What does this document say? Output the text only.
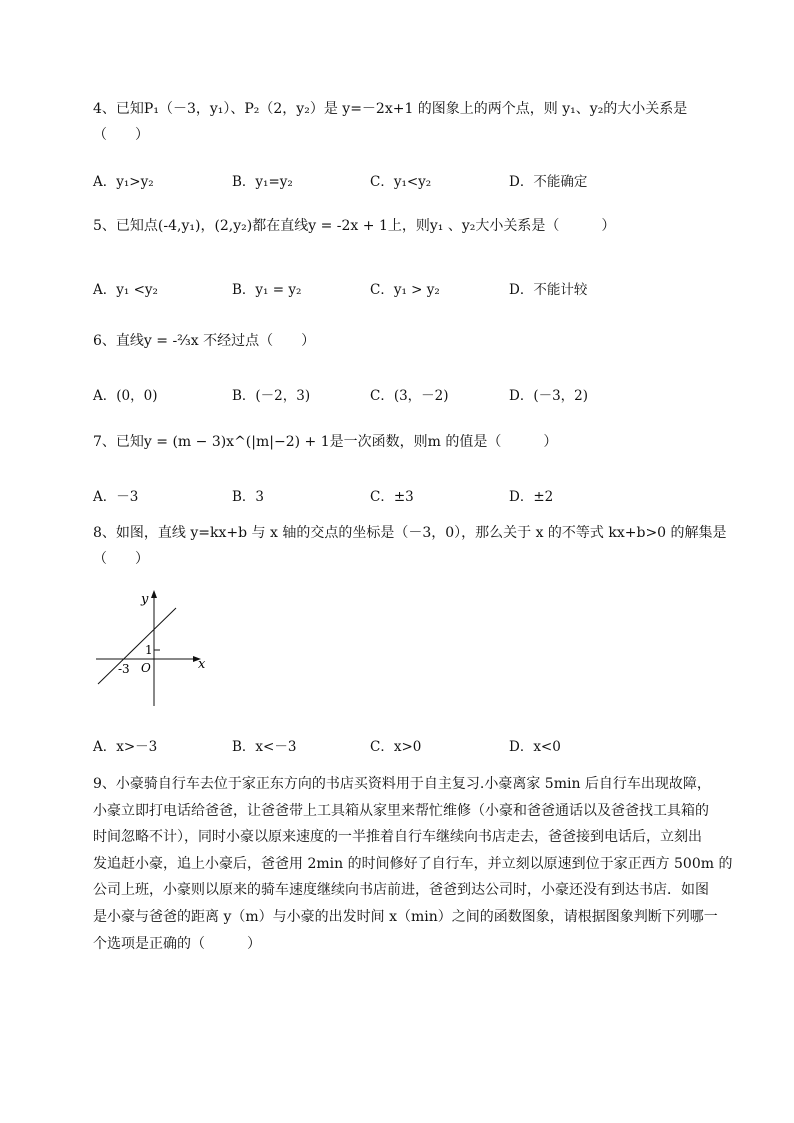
4、已知P₁（－3，y₁）、P₂（2，y₂）是 y=－2x+1 的图象上的两个点，则 y₁、y₂的大小关系是
（　　）
A．y₁>y₂	B．y₁=y₂	C．y₁<y₂	D．不能确定
5、已知点(-4,y₁)，(2,y₂)都在直线y = -2x + 1上，则y₁ 、y₂大小关系是（　　　）
A．y₁ <y₂	B．y₁ = y₂	C．y₁ > y₂	D．不能计较
6、直线y = -⅔x 不经过点（　　）
A．(0，0)	B．(－2，3)	C．(3，－2)	D．(－3，2)
7、已知y = (m − 3)x^(|m|−2) + 1是一次函数，则m 的值是（　　　）
A．－3	B．3	C．±3	D．±2
8、如图，直线 y=kx+b 与 x 轴的交点的坐标是（－3，0），那么关于 x 的不等式 kx+b>0 的解集是
（　　）
y
x
O
1
-3
A．x>－3	B．x<－3	C．x>0	D．x<0
9、小豪骑自行车去位于家正东方向的书店买资料用于自主复习.小豪离家 5min 后自行车出现故障，
小豪立即打电话给爸爸，让爸爸带上工具箱从家里来帮忙维修（小豪和爸爸通话以及爸爸找工具箱的
时间忽略不计），同时小豪以原来速度的一半推着自行车继续向书店走去，爸爸接到电话后，立刻出
发追赶小豪，追上小豪后，爸爸用 2min 的时间修好了自行车，并立刻以原速到位于家正西方 500m 的
公司上班，小豪则以原来的骑车速度继续向书店前进，爸爸到达公司时，小豪还没有到达书店．如图
是小豪与爸爸的距离 y（m）与小豪的出发时间 x（min）之间的函数图象，请根据图象判断下列哪一
个选项是正确的（　　　）
